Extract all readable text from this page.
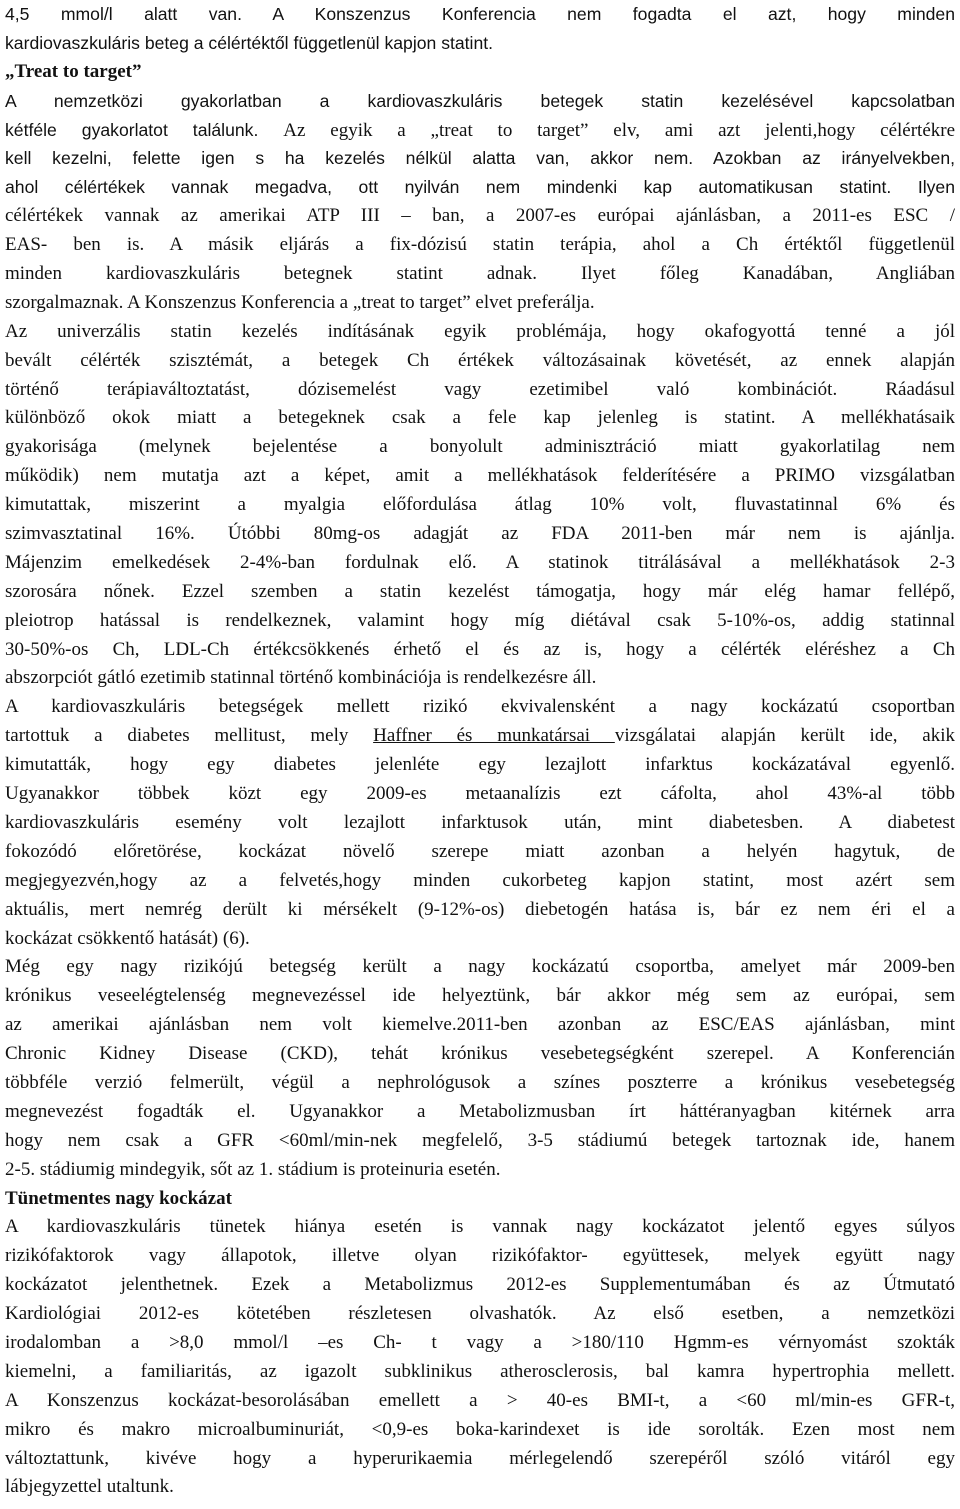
4,5 mmol/l alatt van. A Konszenzus Konferencia nem fogadta el azt, hogy minden
kardiovaszkuláris beteg a célértéktől függetlenül kapjon statint.
„Treat to target”
A nemzetközi gyakorlatban a kardiovaszkuláris betegek statin kezelésével kapcsolatban
kétféle gyakorlatot találunk. Az egyik a „treat to target” elv, ami azt jelenti,hogy célértékre
kell kezelni, felette igen s ha kezelés nélkül alatta van, akkor nem. Azokban az irányelvekben,
ahol célértékek vannak megadva, ott nyilván nem mindenki kap automatikusan statint. Ilyen
célértékek vannak az amerikai ATP III – ban, a 2007-es európai ajánlásban, a 2011-es ESC /
EAS- ben is. A másik eljárás a fix-dózisú statin terápia, ahol a Ch értéktől függetlenül
minden kardiovaszkuláris betegnek statint adnak. Ilyet főleg Kanadában, Angliában
szorgalmaznak. A Konszenzus Konferencia a „treat to target” elvet preferálja.
Az univerzális statin kezelés indításának egyik problémája, hogy okafogyottá tenné a jól
bevált célérték szisztémát, a betegek Ch értékek változásainak követését, az ennek alapján
történő terápiaváltoztatást, dózisemelést vagy ezetimibel való kombinációt. Ráadásul
különböző okok miatt a betegeknek csak a fele kap jelenleg is statint. A mellékhatásaik
gyakorisága (melynek bejelentése a bonyolult adminisztráció miatt gyakorlatilag nem
működik) nem mutatja azt a képet, amit a mellékhatások felderítésére a PRIMO vizsgálatban
kimutattak, miszerint a myalgia előfordulása átlag 10% volt, fluvastatinnal 6% és
szimvasztatinal 16%. Útóbbi 80mg-os adagját az FDA 2011-ben már nem is ajánlja.
Májenzim emelkedések 2-4%-ban fordulnak elő. A statinok titrálásával a mellékhatások 2-3
szorosára nőnek. Ezzel szemben a statin kezelést támogatja, hogy már elég hamar fellépő,
pleiotrop hatással is rendelkeznek, valamint hogy míg diétával csak 5-10%-os, addig statinnal
30-50%-os Ch, LDL-Ch értékcsökkenés érhető el és az is, hogy a célérték eléréshez a Ch
abszorpciót gátló ezetimib statinnal történő kombinációja is rendelkezésre áll.
A kardiovaszkuláris betegségek mellett rizikó ekvivalensként a nagy kockázatú csoportban
tartottuk a diabetes mellitust, mely Haffner és munkatársai vizsgálatai alapján került ide, akik
kimutatták, hogy egy diabetes jelenléte egy lezajlott infarktus kockázatával egyenlő.
Ugyanakkor többek közt egy 2009-es metaanalízis ezt cáfolta, ahol 43%-al több
kardiovaszkuláris esemény volt lezajlott infarktusok után, mint diabetesben. A diabetest
fokozódó előretörése, kockázat növelő szerepe miatt azonban a helyén hagytuk, de
megjegyezvén,hogy az a felvetés,hogy minden cukorbeteg kapjon statint, most azért sem
aktuális, mert nemrég derült ki mérsékelt (9-12%-os) diebetogén hatása is, bár ez nem éri el a
kockázat csökkentő hatását) (6).
Még egy nagy rizikójú betegség került a nagy kockázatú csoportba, amelyet már 2009-ben
krónikus veseelégtelenség megnevezéssel ide helyeztünk, bár akkor még sem az európai, sem
az amerikai ajánlásban nem volt kiemelve.2011-ben azonban az ESC/EAS ajánlásban, mint
Chronic Kidney Disease (CKD), tehát krónikus vesebetegségként szerepel. A Konferencián
többféle verzió felmerült, végül a nephrológusok a színes poszterre a krónikus vesebetegség
megnevezést fogadták el. Ugyanakkor a Metabolizmusban írt háttéranyagban kitérnek arra
hogy nem csak a GFR <60ml/min-nek megfelelő, 3-5 stádiumú betegek tartoznak ide, hanem
2-5. stádiumig mindegyik, sőt az 1. stádium is proteinuria esetén.
Tünetmentes nagy kockázat
A kardiovaszkuláris tünetek hiánya esetén is vannak nagy kockázatot jelentő egyes súlyos
rizikófaktorok vagy állapotok, illetve olyan rizikófaktor- együttesek, melyek együtt nagy
kockázatot jelenthetnek. Ezek a Metabolizmus 2012-es Supplementumában és az Útmutató
Kardiológiai 2012-es kötetében részletesen olvashatók. Az első esetben, a nemzetközi
irodalomban a >8,0 mmol/l –es Ch- t vagy a >180/110 Hgmm-es vérnyomást szokták
kiemelni, a familiaritás, az igazolt subklinikus atherosclerosis, bal kamra hypertrophia mellett.
A Konszenzus kockázat-besorolásában emellett a > 40-es BMI-t, a <60 ml/min-es GFR-t,
mikro és makro microalbuminuriát, <0,9-es boka-karindexet is ide sorolták. Ezen most nem
változtattunk, kivéve hogy a hyperurikaemia mérlegelendő szerepéről szóló vitáról egy
lábjegyzettel utaltunk.
